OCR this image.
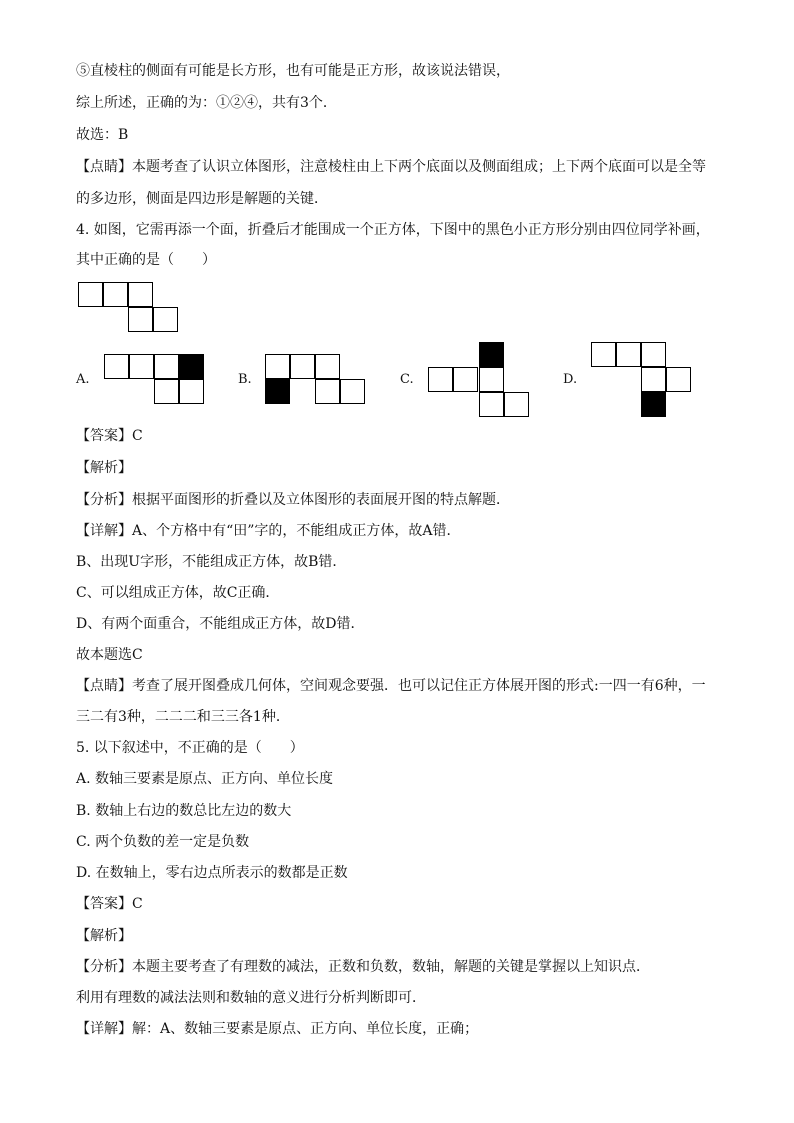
⑤直棱柱的侧面有可能是长方形，也有可能是正方形，故该说法错误，
综上所述，正确的为：①②④，共有3个．
故选：B
【点睛】本题考查了认识立体图形，注意棱柱由上下两个底面以及侧面组成；上下两个底面可以是全等
的多边形，侧面是四边形是解题的关键．
4. 如图，它需再添一个面，折叠后才能围成一个正方体，下图中的黑色小正方形分别由四位同学补画，
其中正确的是（　　）
A.	B.	C.	D.
【答案】C
【解析】
【分析】根据平面图形的折叠以及立体图形的表面展开图的特点解题．
【详解】A、个方格中有“田”字的，不能组成正方体，故A错．
B、出现U字形，不能组成正方体，故B错．
C、可以组成正方体，故C正确．
D、有两个面重合，不能组成正方体，故D错．
故本题选C
【点睛】考查了展开图叠成几何体，空间观念要强．也可以记住正方体展开图的形式:一四一有6种，一
三二有3种，二二二和三三各1种．
5. 以下叙述中，不正确的是（　　）
A. 数轴三要素是原点、正方向、单位长度
B. 数轴上右边的数总比左边的数大
C. 两个负数的差一定是负数
D. 在数轴上，零右边点所表示的数都是正数
【答案】C
【解析】
【分析】本题主要考查了有理数的减法，正数和负数，数轴，解题的关键是掌握以上知识点．
利用有理数的减法法则和数轴的意义进行分析判断即可．
【详解】解：A、数轴三要素是原点、正方向、单位长度，正确；
